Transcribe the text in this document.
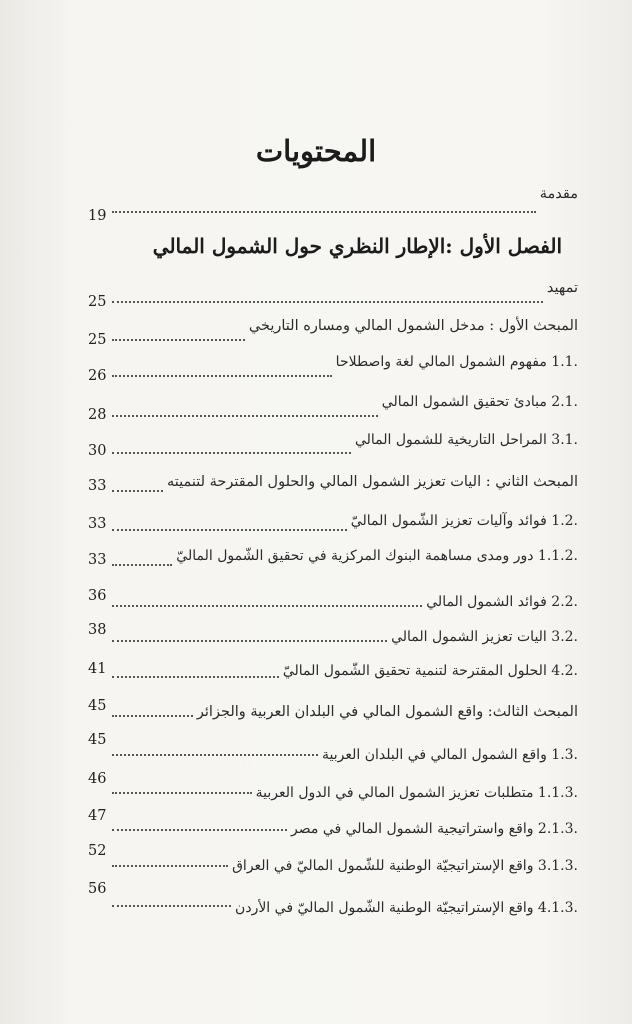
المحتويات
الفصل الأول :الإطار النظري حول الشمول المالي
مقدمة
19
تمهيد
25
المبحث الأول : مدخل الشمول المالي ومساره التاريخي
25
.1.1 مفهوم الشمول المالي لغة واصطلاحا
26
.2.1 مبادئ تحقيق الشمول المالي
28
.3.1 المراحل التاريخية للشمول المالي
30
المبحث الثاني : اليات تعزيز الشمول المالي والحلول المقترحة لتنميته
33
.1.2 فوائد وآليات تعزيز الشّمول الماليّ
33
.1.1.2 دور ومدى مساهمة البنوك المركزية في تحقيق الشّمول الماليّ
33
.2.2 فوائد الشمول المالي
36
.3.2 اليات تعزيز الشمول المالي
38
.4.2 الحلول المقترحة لتنمية تحقيق الشّمول الماليّ
41
المبحث الثالث: واقع الشمول المالي في البلدان العربية والجزائر
45
.1.3 واقع الشمول المالي في البلدان العربية
45
.1.1.3 متطلبات تعزيز الشمول المالي في الدول العربية
46
.2.1.3 واقع واستراتيجية الشمول المالي في مصر
47
.3.1.3 واقع الإستراتيجيّة الوطنية للشّمول الماليّ في العراق
52
.4.1.3 واقع الإستراتيجيّة الوطنية الشّمول الماليّ في الأردن
56
